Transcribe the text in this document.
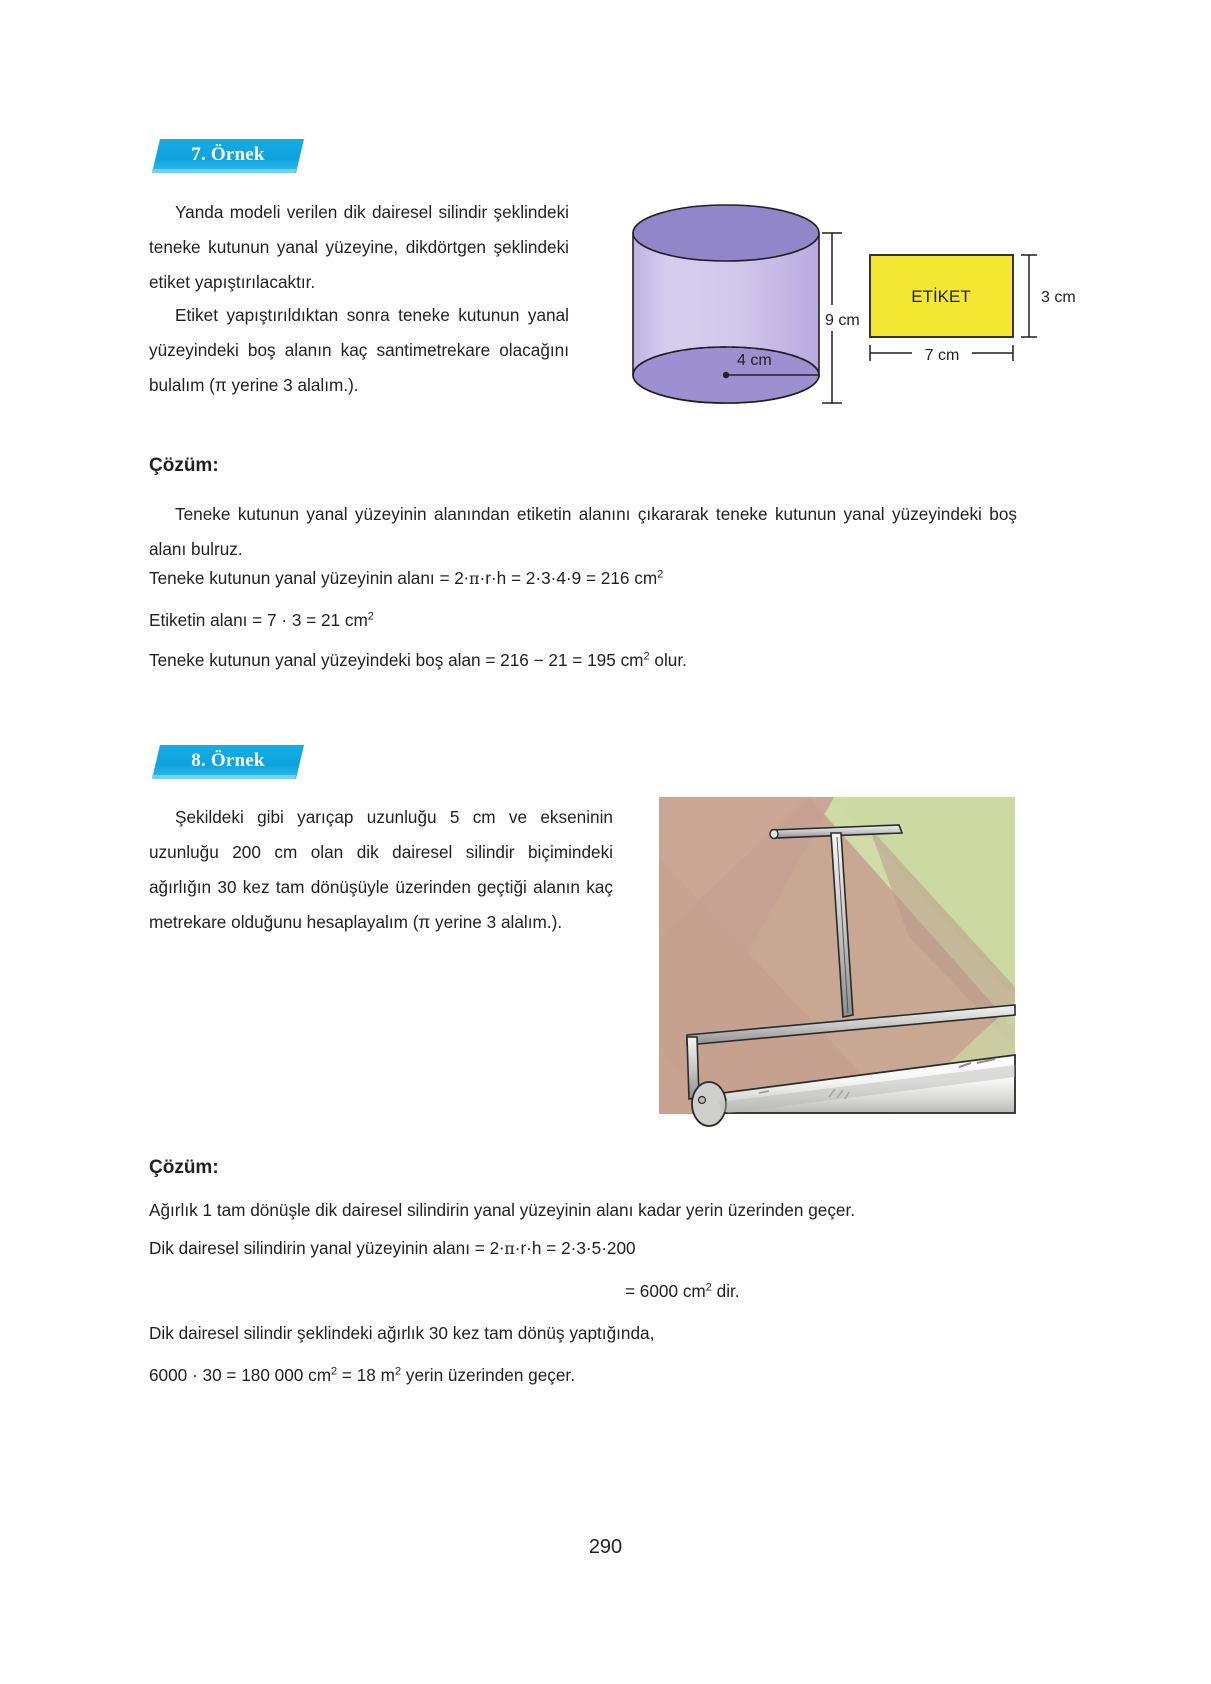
7. Örnek
Yanda modeli verilen dik dairesel silindir şeklindeki teneke kutunun yanal yüzeyine, dikdörtgen şeklindeki etiket yapıştırılacaktır.
Etiket yapıştırıldıktan sonra teneke kutunun yanal yüzeyindeki boş alanın kaç santimetrekare olacağını bulalım (π yerine 3 alalım.).
4 cm
9 cm
ETİKET	3 cm
7 cm
Çözüm:
Teneke kutunun yanal yüzeyinin alanından etiketin alanını çıkararak teneke kutunun yanal yüzeyindeki boş alanı bulruz.
Teneke kutunun yanal yüzeyinin alanı = 2·π·r·h = 2·3·4·9 = 216 $cm^2$
Etiketin alanı = 7 · 3 = 21 $cm^2$
Teneke kutunun yanal yüzeyindeki boş alan = 216 − 21 = 195 $cm^2$ olur.
8. Örnek
Şekildeki gibi yarıçap uzunluğu 5 cm ve ekseninin uzunluğu 200 cm olan dik dairesel silindir biçimindeki ağırlığın 30 kez tam dönüşüyle üzerinden geçtiği alanın kaç metrekare olduğunu hesaplayalım (π yerine 3 alalım.).
Çözüm:
Ağırlık 1 tam dönüşle dik dairesel silindirin yanal yüzeyinin alanı kadar yerin üzerinden geçer.
Dik dairesel silindirin yanal yüzeyinin alanı = 2·π·r·h = 2·3·5·200
= 6000 $cm^2$ dir.
Dik dairesel silindir şeklindeki ağırlık 30 kez tam dönüş yaptığında,
6000 · 30 = 180 000 $cm^2 = 18$ $m^2$ yerin üzerinden geçer.
290
